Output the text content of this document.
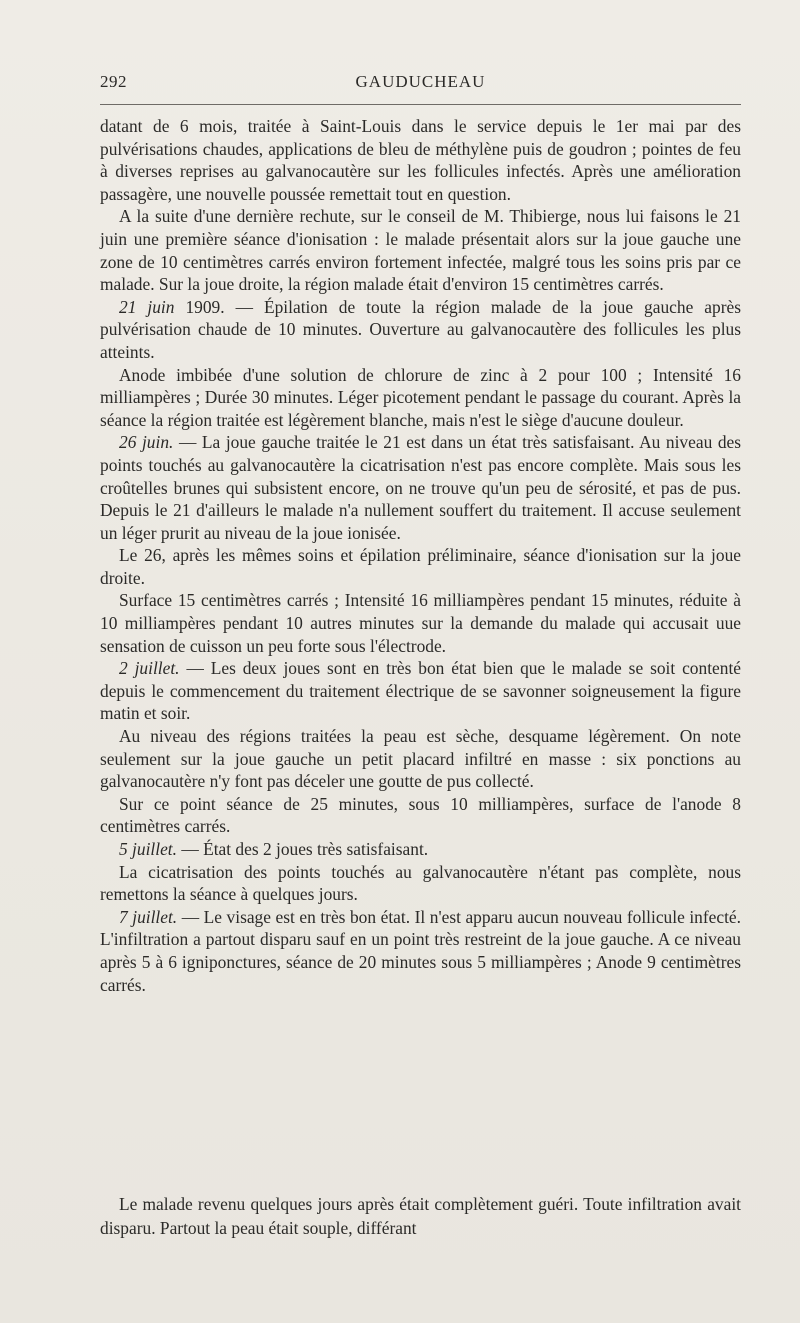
292	GAUDUCHEAU

datant de 6 mois, traitée à Saint-Louis dans le service depuis le 1er mai par des pulvérisations chaudes, applications de bleu de méthylène puis de goudron ; pointes de feu à diverses reprises au galvanocautère sur les follicules infectés. Après une amélioration passagère, une nouvelle poussée remettait tout en question.

A la suite d'une dernière rechute, sur le conseil de M. Thibierge, nous lui faisons le 21 juin une première séance d'ionisation : le malade présentait alors sur la joue gauche une zone de 10 centimètres carrés environ fortement infectée, malgré tous les soins pris par ce malade. Sur la joue droite, la région malade était d'environ 15 centimètres carrés.

21 juin 1909. — Épilation de toute la région malade de la joue gauche après pulvérisation chaude de 10 minutes. Ouverture au galvanocautère des follicules les plus atteints.

Anode imbibée d'une solution de chlorure de zinc à 2 pour 100 ; Intensité 16 milliampères ; Durée 30 minutes. Léger picotement pendant le passage du courant. Après la séance la région traitée est légèrement blanche, mais n'est le siège d'aucune douleur.

26 juin. — La joue gauche traitée le 21 est dans un état très satisfaisant. Au niveau des points touchés au galvanocautère la cicatrisation n'est pas encore complète. Mais sous les croûtelles brunes qui subsistent encore, on ne trouve qu'un peu de sérosité, et pas de pus. Depuis le 21 d'ailleurs le malade n'a nullement souffert du traitement. Il accuse seulement un léger prurit au niveau de la joue ionisée.

Le 26, après les mêmes soins et épilation préliminaire, séance d'ionisation sur la joue droite.

Surface 15 centimètres carrés ; Intensité 16 milliampères pendant 15 minutes, réduite à 10 milliampères pendant 10 autres minutes sur la demande du malade qui accusait uue sensation de cuisson un peu forte sous l'électrode.

2 juillet. — Les deux joues sont en très bon état bien que le malade se soit contenté depuis le commencement du traitement électrique de se savonner soigneusement la figure matin et soir.

Au niveau des régions traitées la peau est sèche, desquame légèrement. On note seulement sur la joue gauche un petit placard infiltré en masse : six ponctions au galvanocautère n'y font pas déceler une goutte de pus collecté.

Sur ce point séance de 25 minutes, sous 10 milliampères, surface de l'anode 8 centimètres carrés.

5 juillet. — État des 2 joues très satisfaisant.

La cicatrisation des points touchés au galvanocautère n'étant pas complète, nous remettons la séance à quelques jours.

7 juillet. — Le visage est en très bon état. Il n'est apparu aucun nouveau follicule infecté. L'infiltration a partout disparu sauf en un point très restreint de la joue gauche. A ce niveau après 5 à 6 igniponctures, séance de 20 minutes sous 5 milliampères ; Anode 9 centimètres carrés.

Le malade revenu quelques jours après était complètement guéri. Toute infiltration avait disparu. Partout la peau était souple, différant
